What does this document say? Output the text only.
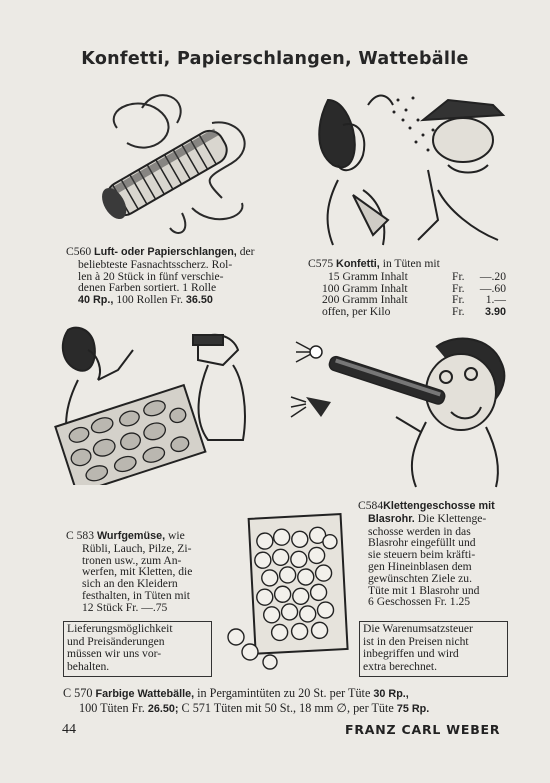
Konfetti, Papierschlangen, Wattebälle
C560 Luft- oder Papierschlangen, der
beliebteste Fasnachtsscherz. Rol-
len à 20 Stück in fünf verschie-
denen Farben sortiert. 1 Rolle
40 Rp., 100 Rollen Fr. 36.50
C575 Konfetti, in Tüten mit
15 Gramm Inhalt	Fr. —.20
100 Gramm Inhalt	Fr. —.60
200 Gramm Inhalt	Fr. 1.—
offen, per Kilo	Fr. 3.90
C584Klettengeschosse mit
Blasrohr. Die Klettenge-
schosse werden in das
Blasrohr eingefüllt und
sie steuern beim kräfti-
gen Hineinblasen dem
gewünschten Ziele zu.
Tüte mit 1 Blasrohr und
6 Geschossen Fr. 1.25
C 583 Wurfgemüse, wie
Rübli, Lauch, Pilze, Zi-
tronen usw., zum An-
werfen, mit Kletten, die
sich an den Kleidern
festhalten, in Tüten mit
12 Stück Fr. —.75
Lieferungsmöglichkeit
und Preisänderungen
müssen wir uns vor-
behalten.
Die Warenumsatzsteuer
ist in den Preisen nicht
inbegriffen und wird
extra berechnet.
C 570 Farbige Wattebälle, in Pergamintüten zu 20 St. per Tüte 30 Rp.,
100 Tüten Fr. 26.50; C 571 Tüten mit 50 St., 18 mm ∅, per Tüte 75 Rp.
44	FRANZ CARL WEBER
